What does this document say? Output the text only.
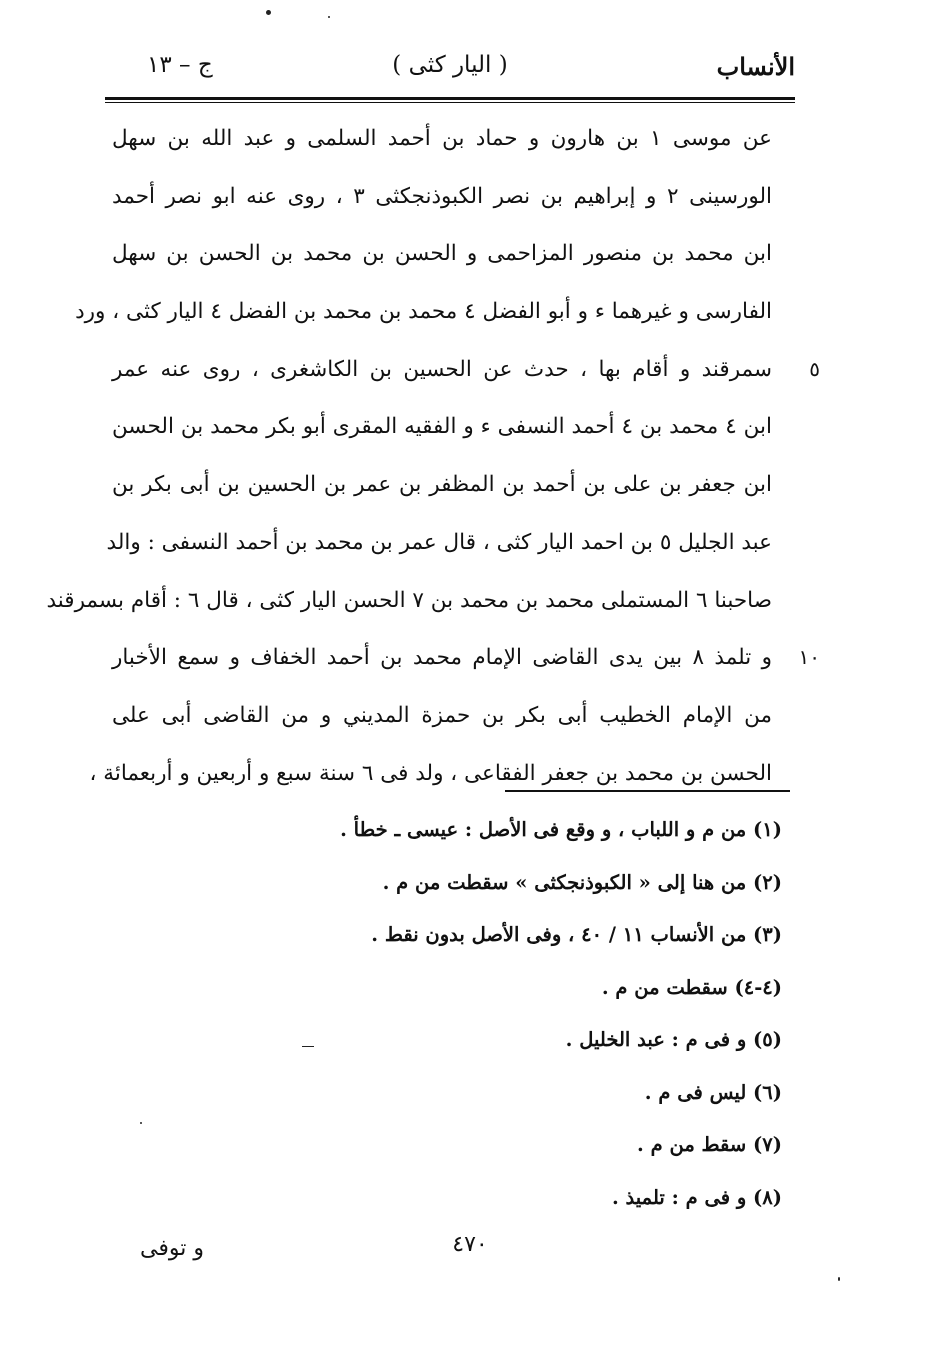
الأنساب
( اليار كثى )
ج – ١٣
عن موسى ١ بن هارون و حماد بن أحمد السلمى و عبد الله بن سهل
الورسينى ٢ و إبراهيم بن نصر الكبوذنجكثى ٣ ، روى عنه ابو نصر أحمد
ابن محمد بن منصور المزاحمى و الحسن بن محمد بن الحسن بن سهل
الفارسى و غيرهما ء و أبو الفضل ٤ محمد بن محمد بن الفضل ٤ اليار كثى ، ورد
٥
سمرقند و أقام بها ، حدث عن الحسين بن الكاشغرى ، روى عنه عمر
ابن ٤ محمد بن ٤ أحمد النسفى ء و الفقيه المقرى أبو بكر محمد بن الحسن
ابن جعفر بن على بن أحمد بن المظفر بن عمر بن الحسين بن أبى بكر بن
عبد الجليل ٥ بن احمد اليار كثى ، قال عمر بن محمد بن أحمد النسفى : والد
صاحبنا ٦ المستملى محمد بن محمد بن ٧ الحسن اليار كثى ، قال ٦ : أقام بسمرقند
١٠
و تلمذ ٨ بين يدى القاضى الإمام محمد بن أحمد الخفاف و سمع الأخبار
من الإمام الخطيب أبى بكر بن حمزة المديني و من القاضى أبى على
الحسن بن محمد بن جعفر الفقاعى ، ولد فى ٦ سنة سبع و أربعين و أربعمائة ،
(١) من م و اللباب ، و وقع فى الأصل : عيسى ـ خطأ .
(٢) من هنا إلى « الكبوذنجكثى » سقطت من م .
(٣) من الأنساب ١١ / ٤٠ ، وفى الأصل بدون نقط .
(٤-٤) سقطت من م .
(٥) و فى م : عبد الخليل .
(٦) ليس فى م .
(٧) سقط من م .
(٨) و فى م : تلميذ .
٤٧٠
و توفى
